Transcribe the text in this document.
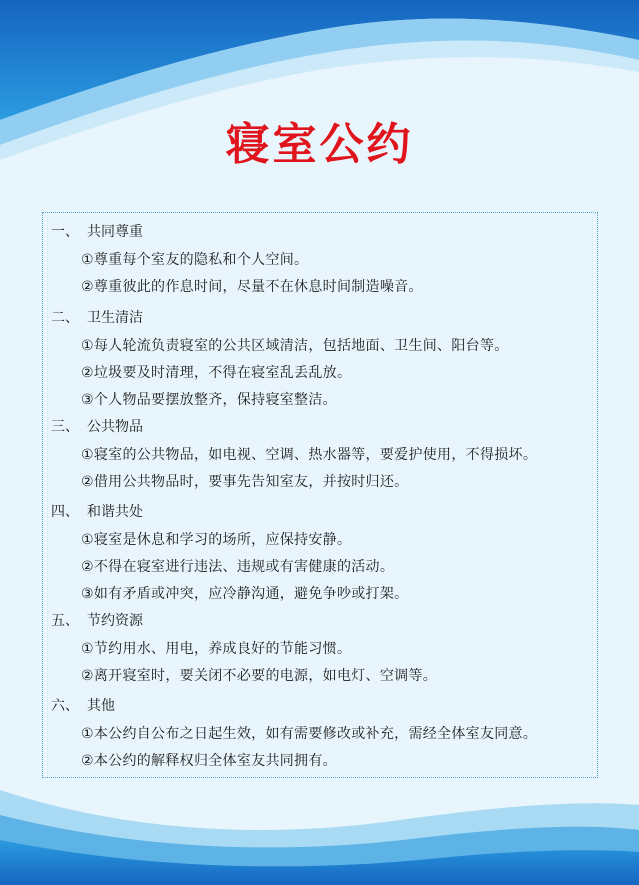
寝室公约
一、 共同尊重
①尊重每个室友的隐私和个人空间。
②尊重彼此的作息时间，尽量不在休息时间制造噪音。
二、 卫生清洁
①每人轮流负责寝室的公共区域清洁，包括地面、卫生间、阳台等。
②垃圾要及时清理，不得在寝室乱丢乱放。
③个人物品要摆放整齐，保持寝室整洁。
三、 公共物品
①寝室的公共物品，如电视、空调、热水器等，要爱护使用，不得损坏。
②借用公共物品时，要事先告知室友，并按时归还。
四、 和谐共处
①寝室是休息和学习的场所，应保持安静。
②不得在寝室进行违法、违规或有害健康的活动。
③如有矛盾或冲突，应冷静沟通，避免争吵或打架。
五、 节约资源
①节约用水、用电，养成良好的节能习惯。
②离开寝室时，要关闭不必要的电源，如电灯、空调等。
六、 其他
①本公约自公布之日起生效，如有需要修改或补充，需经全体室友同意。
②本公约的解释权归全体室友共同拥有。
